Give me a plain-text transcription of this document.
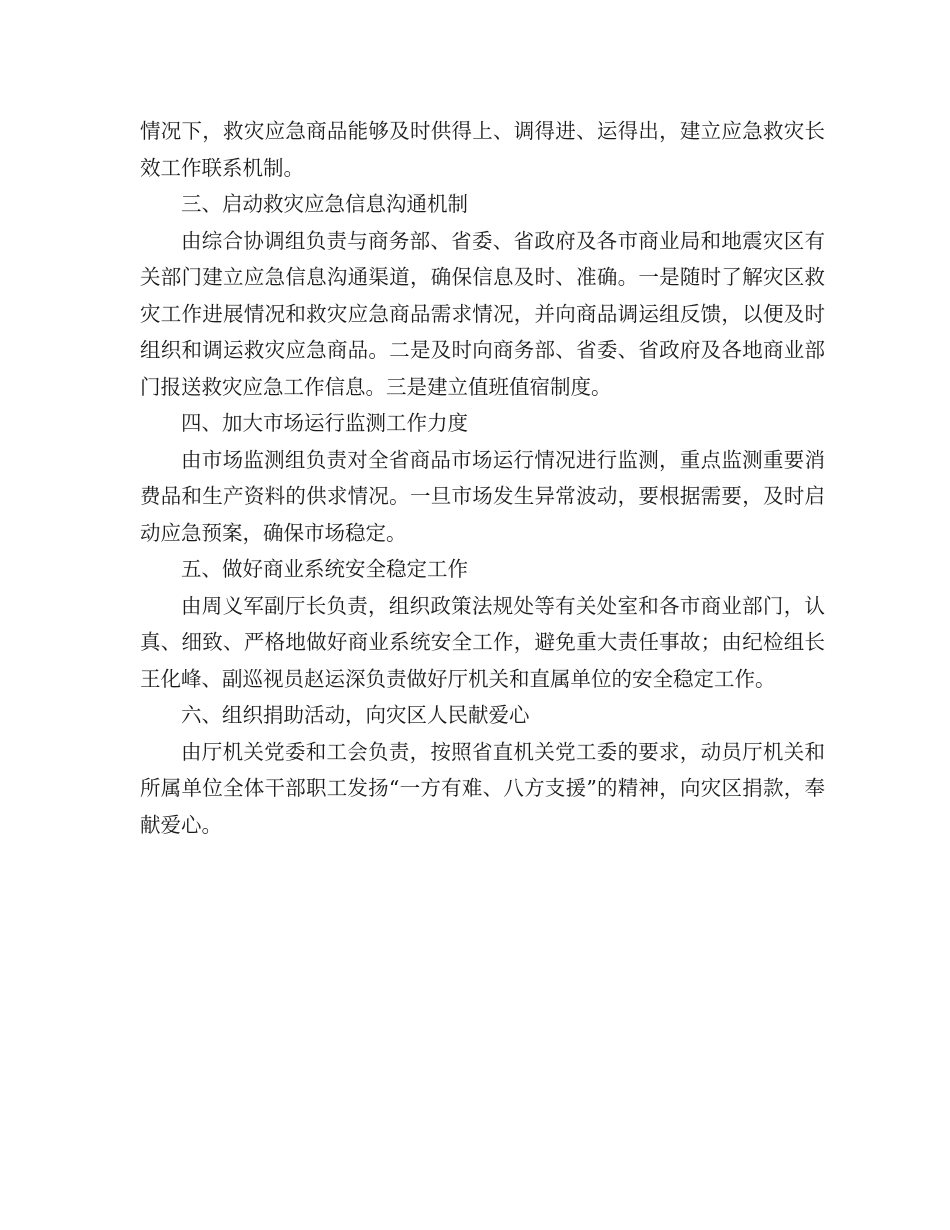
情况下，救灾应急商品能够及时供得上、调得进、运得出，建立应急救灾长效工作联系机制。

三、启动救灾应急信息沟通机制

由综合协调组负责与商务部、省委、省政府及各市商业局和地震灾区有关部门建立应急信息沟通渠道，确保信息及时、准确。一是随时了解灾区救灾工作进展情况和救灾应急商品需求情况，并向商品调运组反馈，以便及时组织和调运救灾应急商品。二是及时向商务部、省委、省政府及各地商业部门报送救灾应急工作信息。三是建立值班值宿制度。

四、加大市场运行监测工作力度

由市场监测组负责对全省商品市场运行情况进行监测，重点监测重要消费品和生产资料的供求情况。一旦市场发生异常波动，要根据需要，及时启动应急预案，确保市场稳定。

五、做好商业系统安全稳定工作

由周义军副厅长负责，组织政策法规处等有关处室和各市商业部门，认真、细致、严格地做好商业系统安全工作，避免重大责任事故；由纪检组长王化峰、副巡视员赵运深负责做好厅机关和直属单位的安全稳定工作。

六、组织捐助活动，向灾区人民献爱心

由厅机关党委和工会负责，按照省直机关党工委的要求，动员厅机关和所属单位全体干部职工发扬“一方有难、八方支援”的精神，向灾区捐款，奉献爱心。
